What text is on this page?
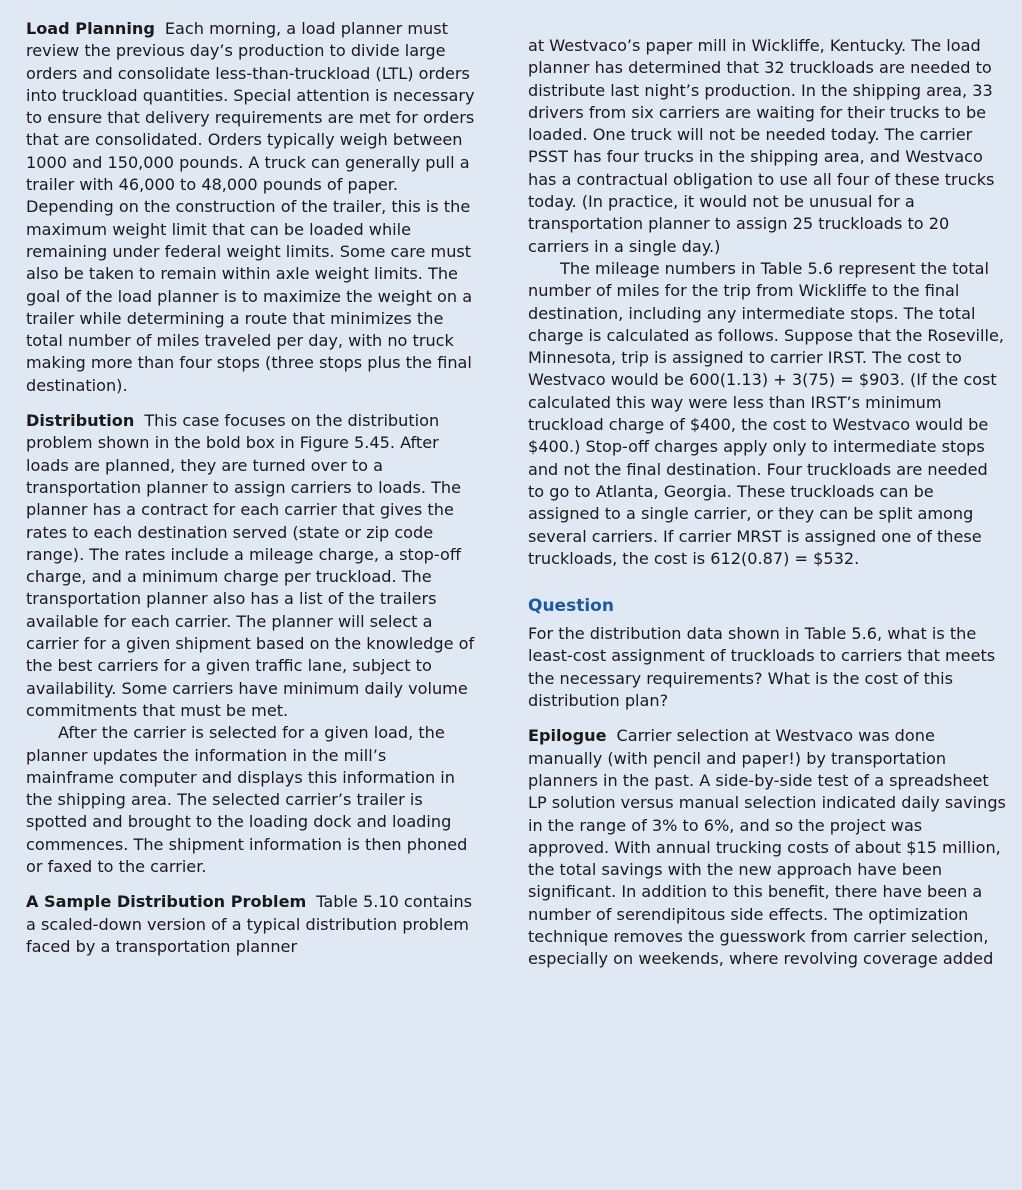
Load Planning Each morning, a load planner must review the previous day’s production to divide large orders and consolidate less-than-truckload (LTL) orders into truckload quantities. Special attention is necessary to ensure that delivery requirements are met for orders that are consolidated. Orders typically weigh between 1000 and 150,000 pounds. A truck can generally pull a trailer with 46,000 to 48,000 pounds of paper. Depending on the construction of the trailer, this is the maximum weight limit that can be loaded while remaining under federal weight limits. Some care must also be taken to remain within axle weight limits. The goal of the load planner is to maximize the weight on a trailer while determining a route that minimizes the total number of miles traveled per day, with no truck making more than four stops (three stops plus the final destination).

Distribution This case focuses on the distribution problem shown in the bold box in Figure 5.45. After loads are planned, they are turned over to a transportation planner to assign carriers to loads. The planner has a contract for each carrier that gives the rates to each destination served (state or zip code range). The rates include a mileage charge, a stop-off charge, and a minimum charge per truckload. The transportation planner also has a list of the trailers available for each carrier. The planner will select a carrier for a given shipment based on the knowledge of the best carriers for a given traffic lane, subject to availability. Some carriers have minimum daily volume commitments that must be met.

After the carrier is selected for a given load, the planner updates the information in the mill’s mainframe computer and displays this information in the shipping area. The selected carrier’s trailer is spotted and brought to the loading dock and loading commences. The shipment information is then phoned or faxed to the carrier.

A Sample Distribution Problem Table 5.10 contains a scaled-down version of a typical distribution problem faced by a transportation planner

at Westvaco’s paper mill in Wickliffe, Kentucky. The load planner has determined that 32 truckloads are needed to distribute last night’s production. In the shipping area, 33 drivers from six carriers are waiting for their trucks to be loaded. One truck will not be needed today. The carrier PSST has four trucks in the shipping area, and Westvaco has a contractual obligation to use all four of these trucks today. (In practice, it would not be unusual for a transportation planner to assign 25 truckloads to 20 carriers in a single day.)

The mileage numbers in Table 5.6 represent the total number of miles for the trip from Wickliffe to the final destination, including any intermediate stops. The total charge is calculated as follows. Suppose that the Roseville, Minnesota, trip is assigned to carrier IRST. The cost to Westvaco would be 600(1.13) + 3(75) = $903. (If the cost calculated this way were less than IRST’s minimum truckload charge of $400, the cost to Westvaco would be $400.) Stop-off charges apply only to intermediate stops and not the final destination. Four truckloads are needed to go to Atlanta, Georgia. These truckloads can be assigned to a single carrier, or they can be split among several carriers. If carrier MRST is assigned one of these truckloads, the cost is 612(0.87) = $532.

Question

For the distribution data shown in Table 5.6, what is the least-cost assignment of truckloads to carriers that meets the necessary requirements? What is the cost of this distribution plan?

Epilogue Carrier selection at Westvaco was done manually (with pencil and paper!) by transportation planners in the past. A side-by-side test of a spreadsheet LP solution versus manual selection indicated daily savings in the range of 3% to 6%, and so the project was approved. With annual trucking costs of about $15 million, the total savings with the new approach have been significant. In addition to this benefit, there have been a number of serendipitous side effects. The optimization technique removes the guesswork from carrier selection, especially on weekends, where revolving coverage added
